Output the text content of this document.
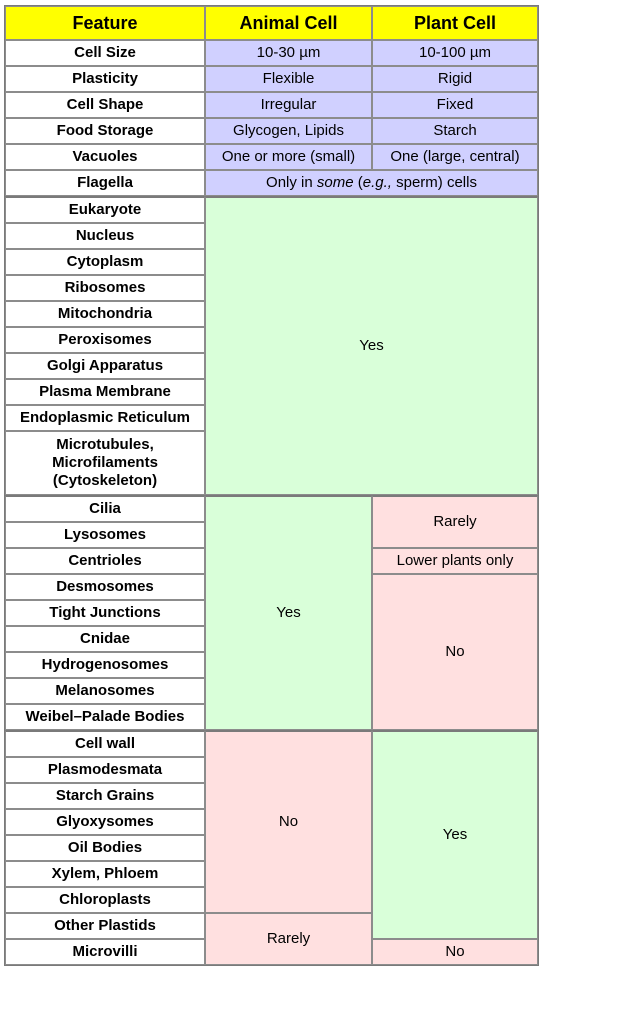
Feature	Animal Cell	Plant Cell
Cell Size	10-30 µm	10-100 µm
Plasticity	Flexible	Rigid
Cell Shape	Irregular	Fixed
Food Storage	Glycogen, Lipids	Starch
Vacuoles	One or more (small)	One (large, central)
Flagella	Only in some (e.g., sperm) cells	
Eukaryote	Yes	
Nucleus		
Cytoplasm		
Ribosomes		
Mitochondria		
Peroxisomes		
Golgi Apparatus		
Plasma Membrane		
Endoplasmic Reticulum		
Microtubules, Microfilaments (Cytoskeleton)		
Cilia	Yes	Rarely
Lysosomes		
Centrioles		Lower plants only
Desmosomes		No
Tight Junctions		
Cnidae		
Hydrogenosomes		
Melanosomes		
Weibel–Palade Bodies		
Cell wall	No	Yes
Plasmodesmata		
Starch Grains		
Glyoxysomes		
Oil Bodies		
Xylem, Phloem		
Chloroplasts		
Other Plastids	Rarely	
Microvilli		No
